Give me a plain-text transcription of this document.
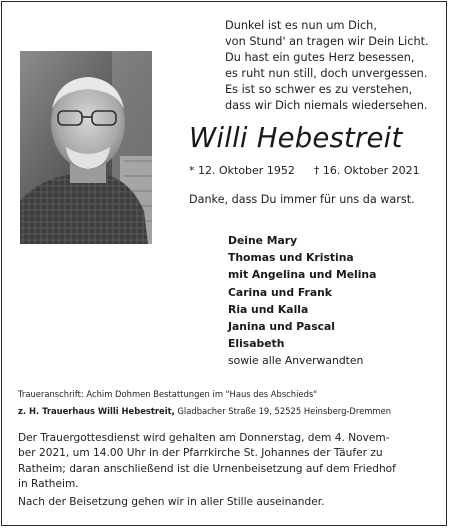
Dunkel ist es nun um Dich,
von Stund' an tragen wir Dein Licht.
Du hast ein gutes Herz besessen,
es ruht nun still, doch unvergessen.
Es ist so schwer es zu verstehen,
dass wir Dich niemals wiedersehen.
Willi Hebestreit
* 12. Oktober 1952 † 16. Oktober 2021
Danke, dass Du immer für uns da warst.
Deine Mary
Thomas und Kristina
mit Angelina und Melina
Carina und Frank
Ria und Kalla
Janina und Pascal
Elisabeth
sowie alle Anverwandten
Traueranschrift: Achim Dohmen Bestattungen im "Haus des Abschieds"
z. H. Trauerhaus Willi Hebestreit, Gladbacher Straße 19, 52525 Heinsberg-Dremmen
Der Trauergottesdienst wird gehalten am Donnerstag, dem 4. Novem-
ber 2021, um 14.00 Uhr in der Pfarrkirche St. Johannes der Täufer zu
Ratheim; daran anschließend ist die Urnenbeisetzung auf dem Friedhof
in Ratheim.
Nach der Beisetzung gehen wir in aller Stille auseinander.
